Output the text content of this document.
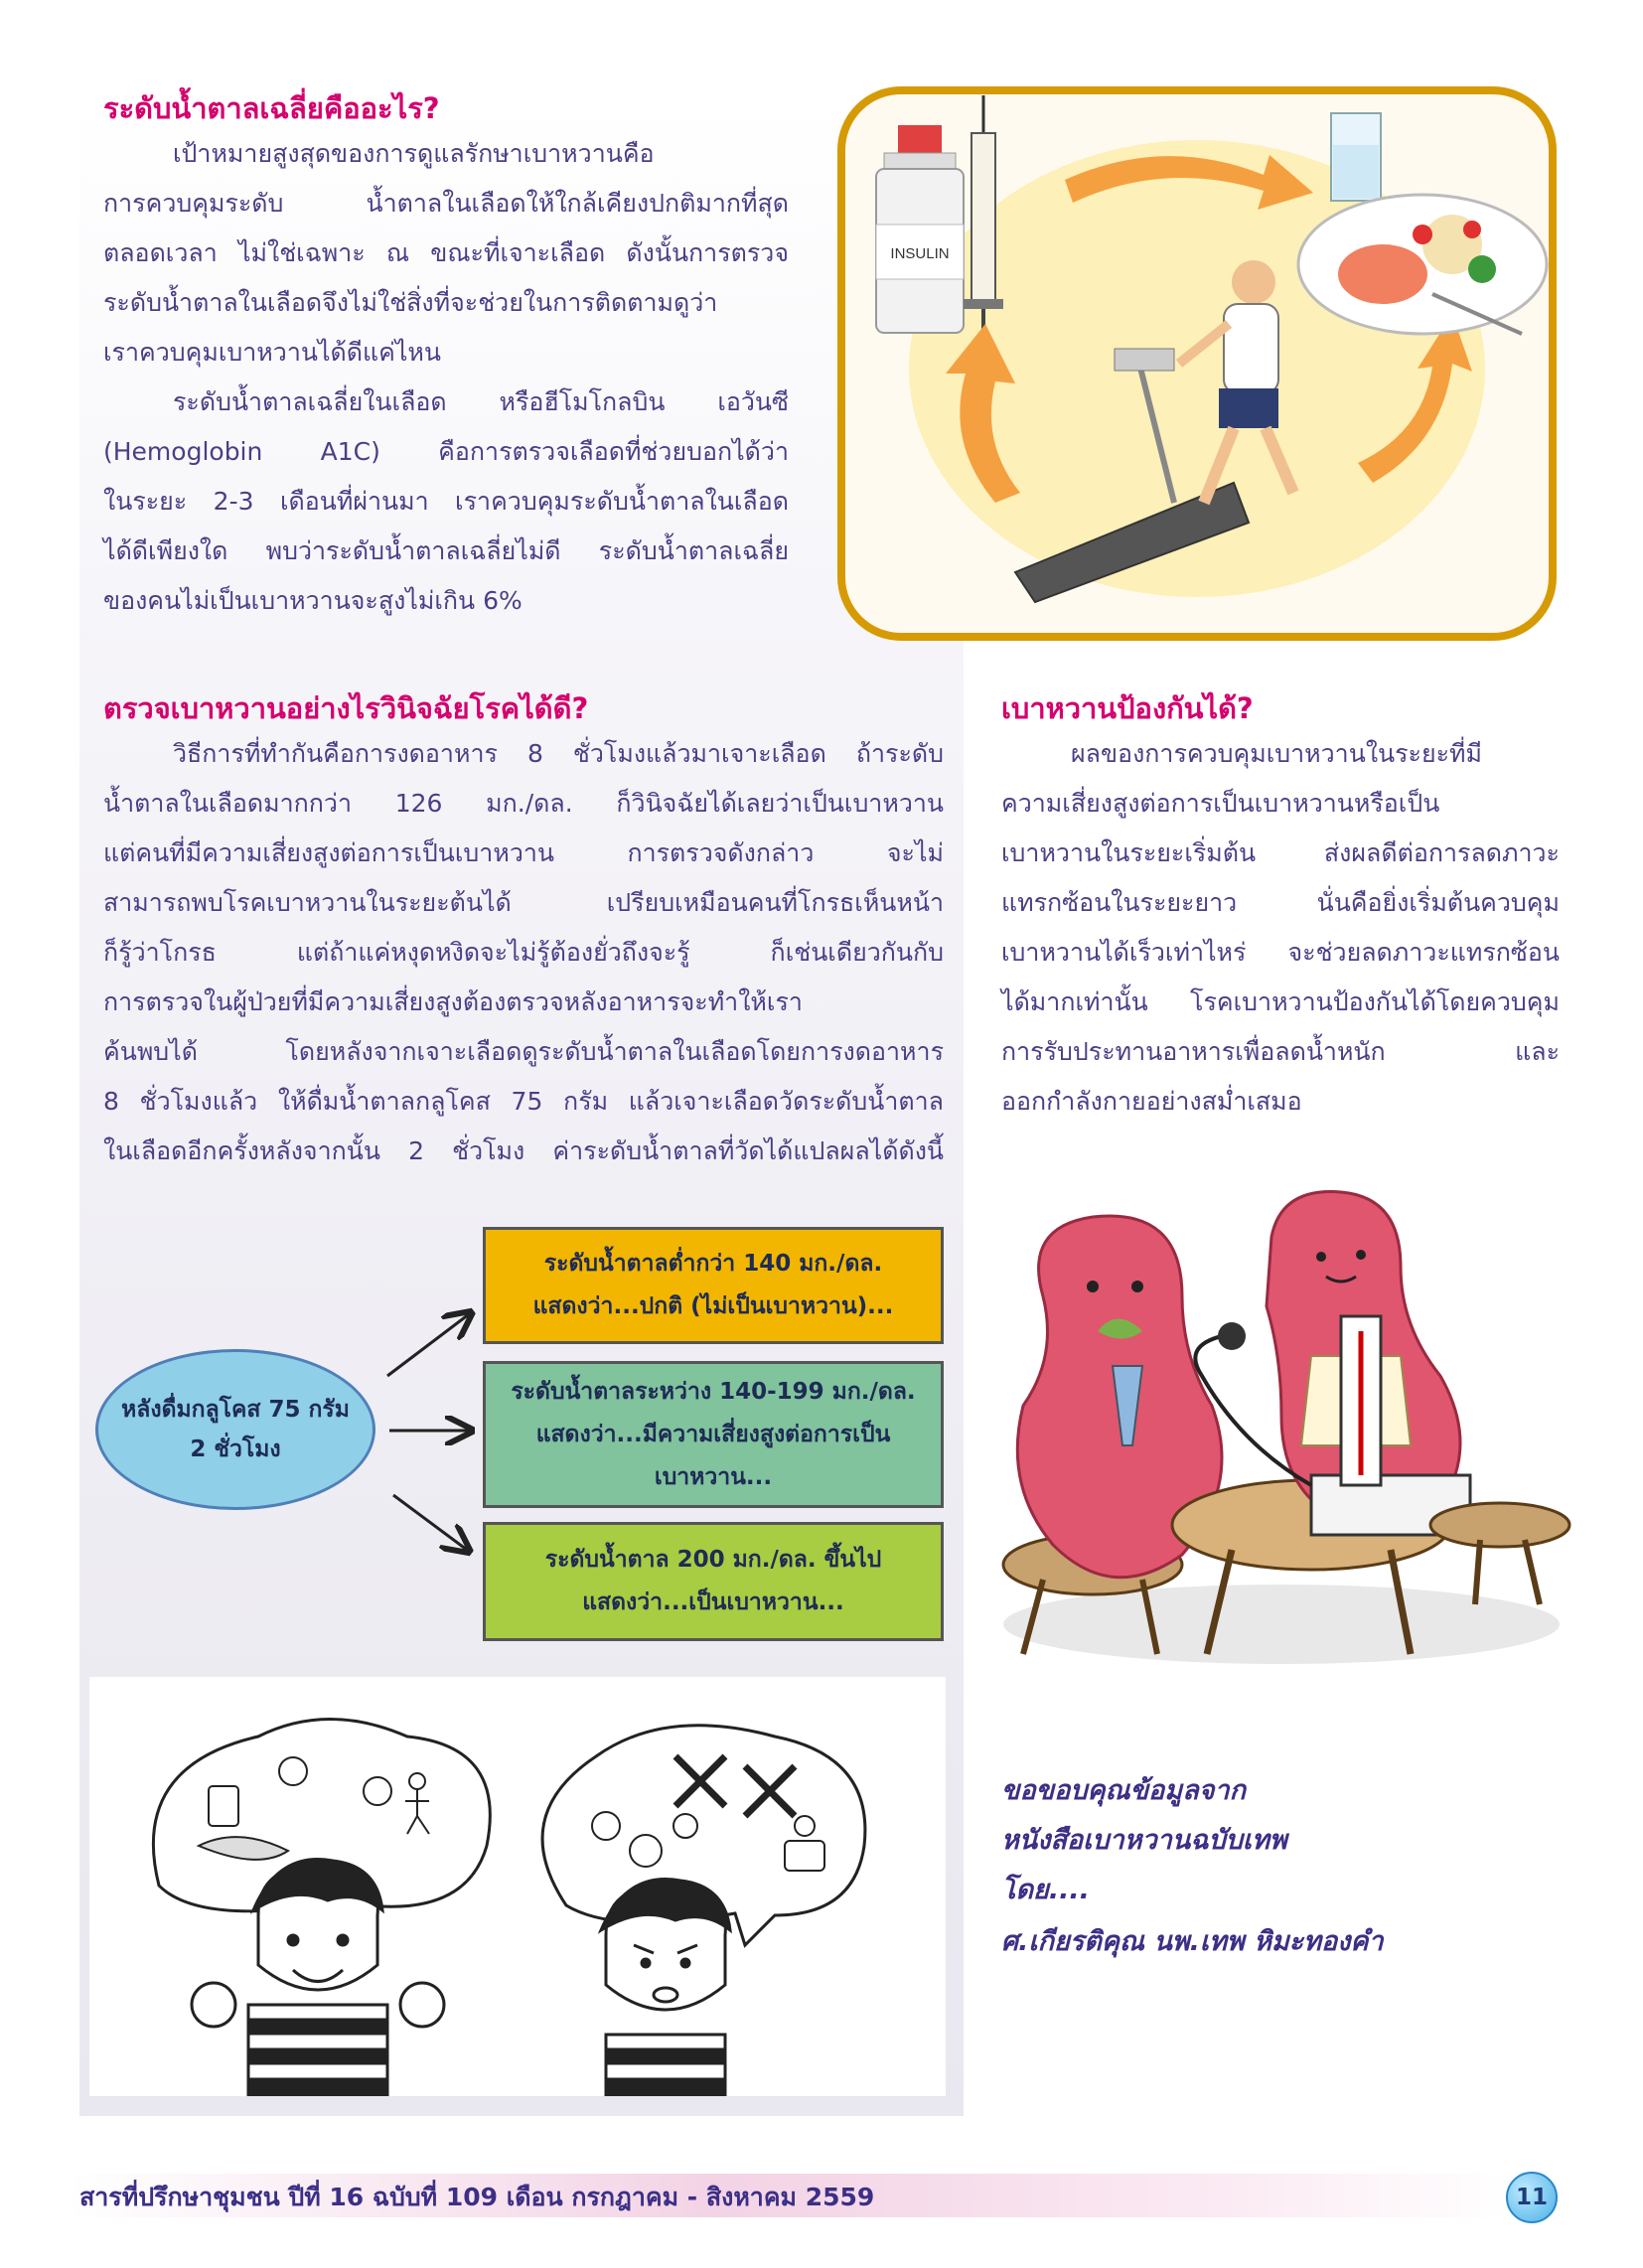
ระดับน้ำตาลเฉลี่ยคืออะไร?
เป้าหมายสูงสุดของการดูแลรักษาเบาหวานคือ
การควบคุมระดับ น้ำตาลในเลือดให้ใกล้เคียงปกติมากที่สุด
ตลอดเวลา ไม่ใช่เฉพาะ ณ ขณะที่เจาะเลือด ดังนั้นการตรวจ
ระดับน้ำตาลในเลือดจึงไม่ใช่สิ่งที่จะช่วยในการติดตามดูว่า
เราควบคุมเบาหวานได้ดีแค่ไหน
ระดับน้ำตาลเฉลี่ยในเลือด หรือฮีโมโกลบิน เอวันซี
(Hemoglobin A1C) คือการตรวจเลือดที่ช่วยบอกได้ว่า
ในระยะ 2-3 เดือนที่ผ่านมา เราควบคุมระดับน้ำตาลในเลือด
ได้ดีเพียงใด พบว่าระดับน้ำตาลเฉลี่ยไม่ดี ระดับน้ำตาลเฉลี่ย
ของคนไม่เป็นเบาหวานจะสูงไม่เกิน 6%
INSULIN
ตรวจเบาหวานอย่างไรวินิจฉัยโรคได้ดี?
วิธีการที่ทำกันคือการงดอาหาร 8 ชั่วโมงแล้วมาเจาะเลือด ถ้าระดับ
น้ำตาลในเลือดมากกว่า 126 มก./ดล. ก็วินิจฉัยได้เลยว่าเป็นเบาหวาน
แต่คนที่มีความเสี่ยงสูงต่อการเป็นเบาหวาน การตรวจดังกล่าว จะไม่
สามารถพบโรคเบาหวานในระยะต้นได้ เปรียบเหมือนคนที่โกรธเห็นหน้า
ก็รู้ว่าโกรธ แต่ถ้าแค่หงุดหงิดจะไม่รู้ต้องยั่วถึงจะรู้ ก็เช่นเดียวกันกับ
การตรวจในผู้ป่วยที่มีความเสี่ยงสูงต้องตรวจหลังอาหารจะทำให้เรา
ค้นพบได้ โดยหลังจากเจาะเลือดดูระดับน้ำตาลในเลือดโดยการงดอาหาร
8 ชั่วโมงแล้ว ให้ดื่มน้ำตาลกลูโคส 75 กรัม แล้วเจาะเลือดวัดระดับน้ำตาล
ในเลือดอีกครั้งหลังจากนั้น 2 ชั่วโมง ค่าระดับน้ำตาลที่วัดได้แปลผลได้ดังนี้
หลังดื่มกลูโคส 75 กรัม
2 ชั่วโมง
ระดับน้ำตาลต่ำกว่า 140 มก./ดล.
แสดงว่า...ปกติ (ไม่เป็นเบาหวาน)...
ระดับน้ำตาลระหว่าง 140-199 มก./ดล.
แสดงว่า...มีความเสี่ยงสูงต่อการเป็น
เบาหวาน...
ระดับน้ำตาล 200 มก./ดล. ขึ้นไป
แสดงว่า...เป็นเบาหวาน...
เบาหวานป้องกันได้?
ผลของการควบคุมเบาหวานในระยะที่มี
ความเสี่ยงสูงต่อการเป็นเบาหวานหรือเป็น
เบาหวานในระยะเริ่มต้น ส่งผลดีต่อการลดภาวะ
แทรกซ้อนในระยะยาว นั่นคือยิ่งเริ่มต้นควบคุม
เบาหวานได้เร็วเท่าไหร่ จะช่วยลดภาวะแทรกซ้อน
ได้มากเท่านั้น โรคเบาหวานป้องกันได้โดยควบคุม
การรับประทานอาหารเพื่อลดน้ำหนัก และ
ออกกำลังกายอย่างสม่ำเสมอ
ขอขอบคุณข้อมูลจาก
หนังสือเบาหวานฉบับเทพ
โดย....
ศ.เกียรติคุณ นพ.เทพ หิมะทองคำ
สารที่ปรึกษาชุมชน ปีที่ 16 ฉบับที่ 109 เดือน กรกฎาคม - สิงหาคม 2559	11
